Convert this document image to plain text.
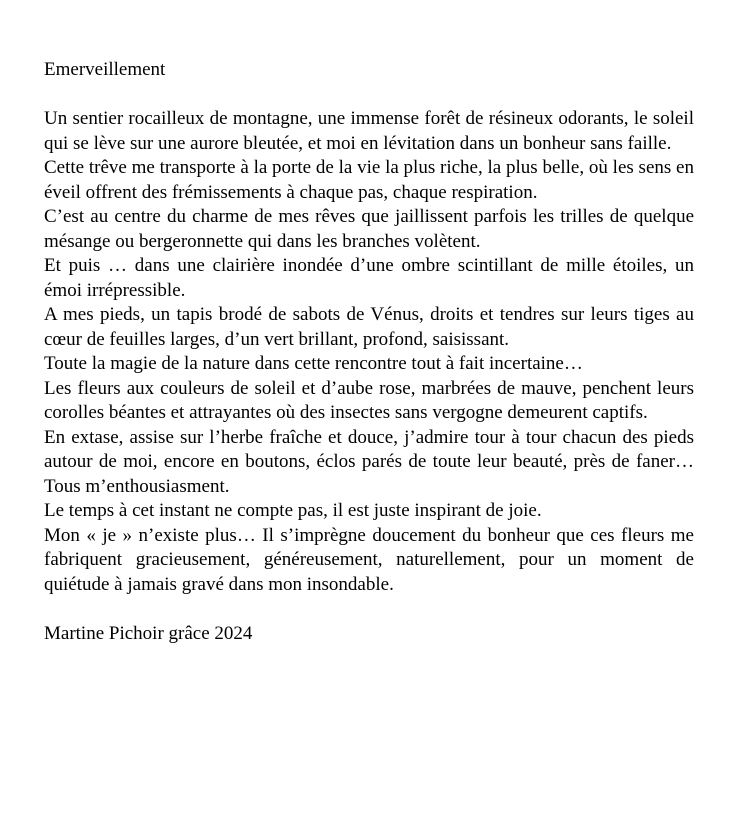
Emerveillement

Un sentier rocailleux de montagne, une immense forêt de résineux odorants, le soleil qui se lève sur une aurore bleutée, et moi en lévitation dans un bonheur sans faille.

Cette trêve me transporte à la porte de la vie la plus riche, la plus belle, où les sens en éveil offrent des frémissements à chaque pas, chaque respiration.

C’est au centre du charme de mes rêves que jaillissent parfois les trilles de quelque mésange ou bergeronnette qui dans les branches volètent.

Et puis … dans une clairière inondée d’une ombre scintillant de mille étoiles, un émoi irrépressible.

A mes pieds, un tapis brodé de sabots de Vénus, droits et tendres sur leurs tiges au cœur de feuilles larges, d’un vert brillant, profond, saisissant.

Toute la magie de la nature dans cette rencontre tout à fait incertaine…

Les fleurs aux couleurs de soleil et d’aube rose, marbrées de mauve, penchent leurs corolles béantes et attrayantes où des insectes sans vergogne demeurent captifs.

En extase, assise sur l’herbe fraîche et douce, j’admire tour à tour chacun des pieds autour de moi, encore en boutons, éclos parés de toute leur beauté, près de faner… Tous m’enthousiasment.

Le temps à cet instant ne compte pas, il est juste inspirant de joie.

Mon « je » n’existe plus… Il s’imprègne doucement du bonheur que ces fleurs me fabriquent gracieusement, généreusement, naturellement, pour un moment de quiétude à jamais gravé dans mon insondable.

Martine Pichoir grâce 2024
